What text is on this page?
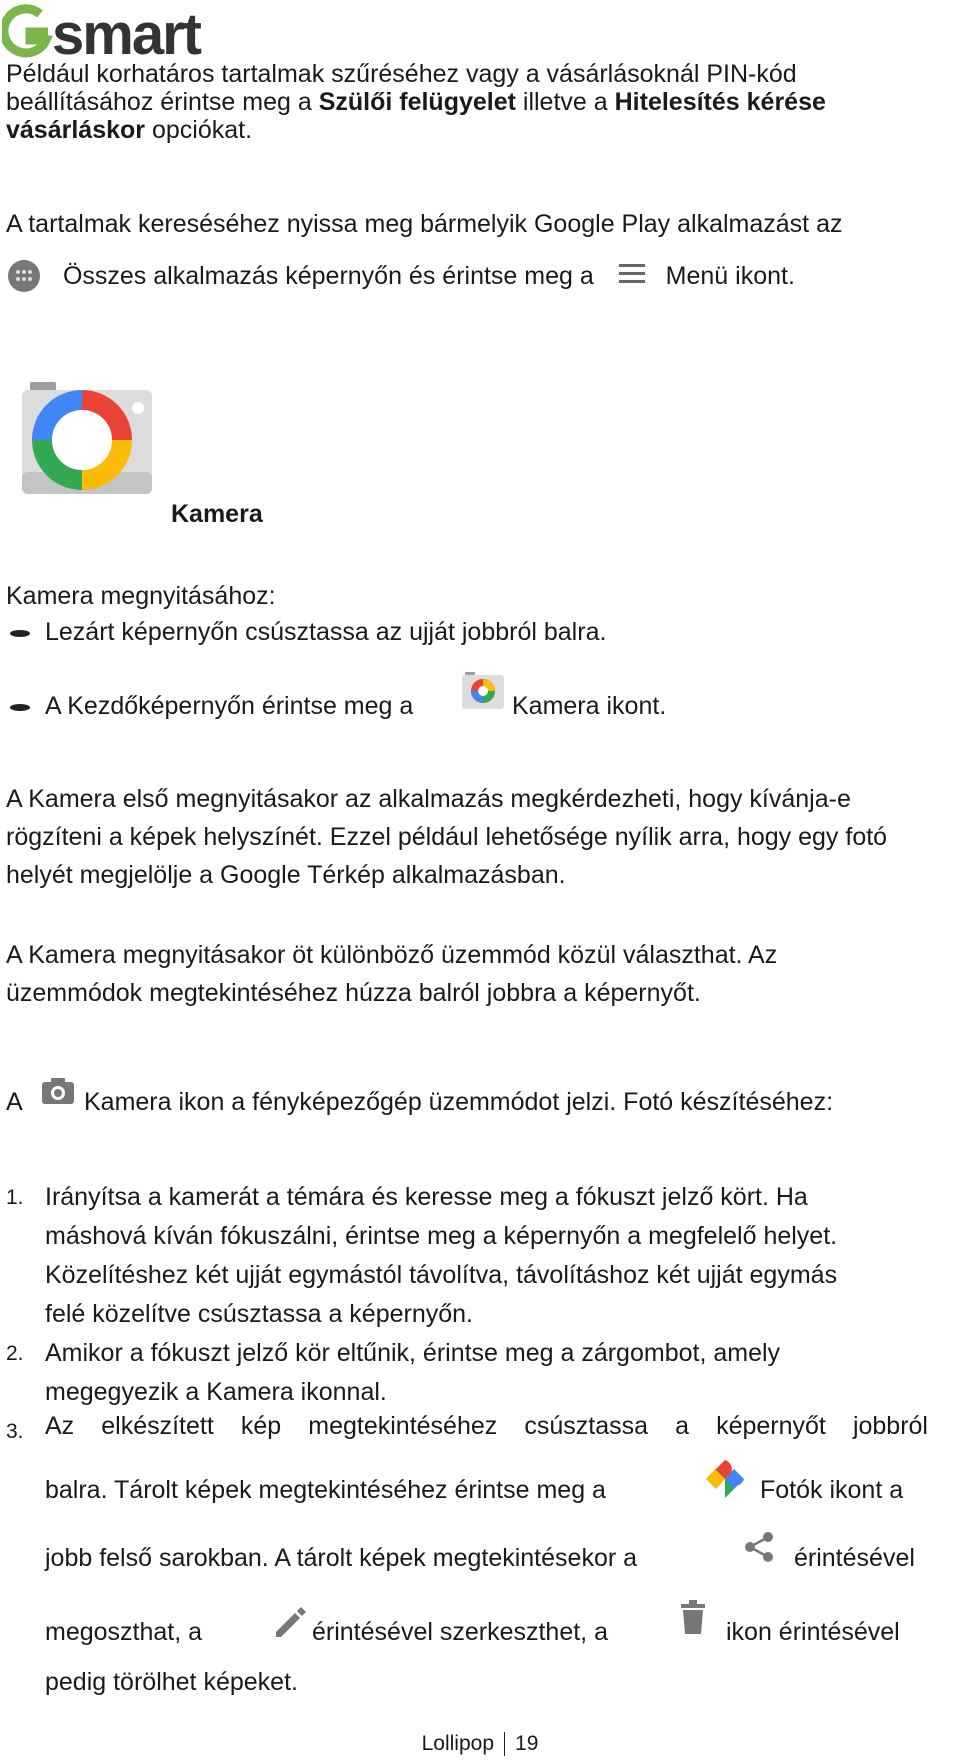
smart

Például korhatáros tartalmak szűréséhez vagy a vásárlásoknál PIN-kód beállításához érintse meg a Szülői felügyelet illetve a Hitelesítés kérése vásárláskor opciókat.

A tartalmak kereséséhez nyissa meg bármelyik Google Play alkalmazást az

Összes alkalmazás képernyőn és érintse meg a	Menü ikont.
Kamera
Kamera megnyitásához:
Lezárt képernyőn csúsztassa az ujját jobbról balra.
A Kezdőképernyőn érintse meg a	Kamera ikont.
A Kamera első megnyitásakor az alkalmazás megkérdezheti, hogy kívánja-e
rögzíteni a képek helyszínét. Ezzel például lehetősége nyílik arra, hogy egy fotó
helyét megjelölje a Google Térkép alkalmazásban.
A Kamera megnyitásakor öt különböző üzemmód közül választhat. Az
üzemmódok megtekintéséhez húzza balról jobbra a képernyőt.
A Kamera ikon a fényképezőgép üzemmódot jelzi. Fotó készítéséhez:
1. Irányítsa a kamerát a témára és keresse meg a fókuszt jelző kört. Ha
máshová kíván fókuszálni, érintse meg a képernyőn a megfelelő helyet.
Közelítéshez két ujját egymástól távolítva, távolításhoz két ujját egymás
felé közelítve csúsztassa a képernyőn.
2. Amikor a fókuszt jelző kör eltűnik, érintse meg a zárgombot, amely
megegyezik a Kamera ikonnal.
3. Az elkészített kép megtekintéséhez csúsztassa a képernyőt jobbról
balra. Tárolt képek megtekintéséhez érintse meg a	Fotók ikont a
jobb felső sarokban. A tárolt képek megtekintésekor a	érintésével
megoszthat, a	érintésével szerkeszthet, a	ikon érintésével
pedig törölhet képeket.
Lollipop 19
